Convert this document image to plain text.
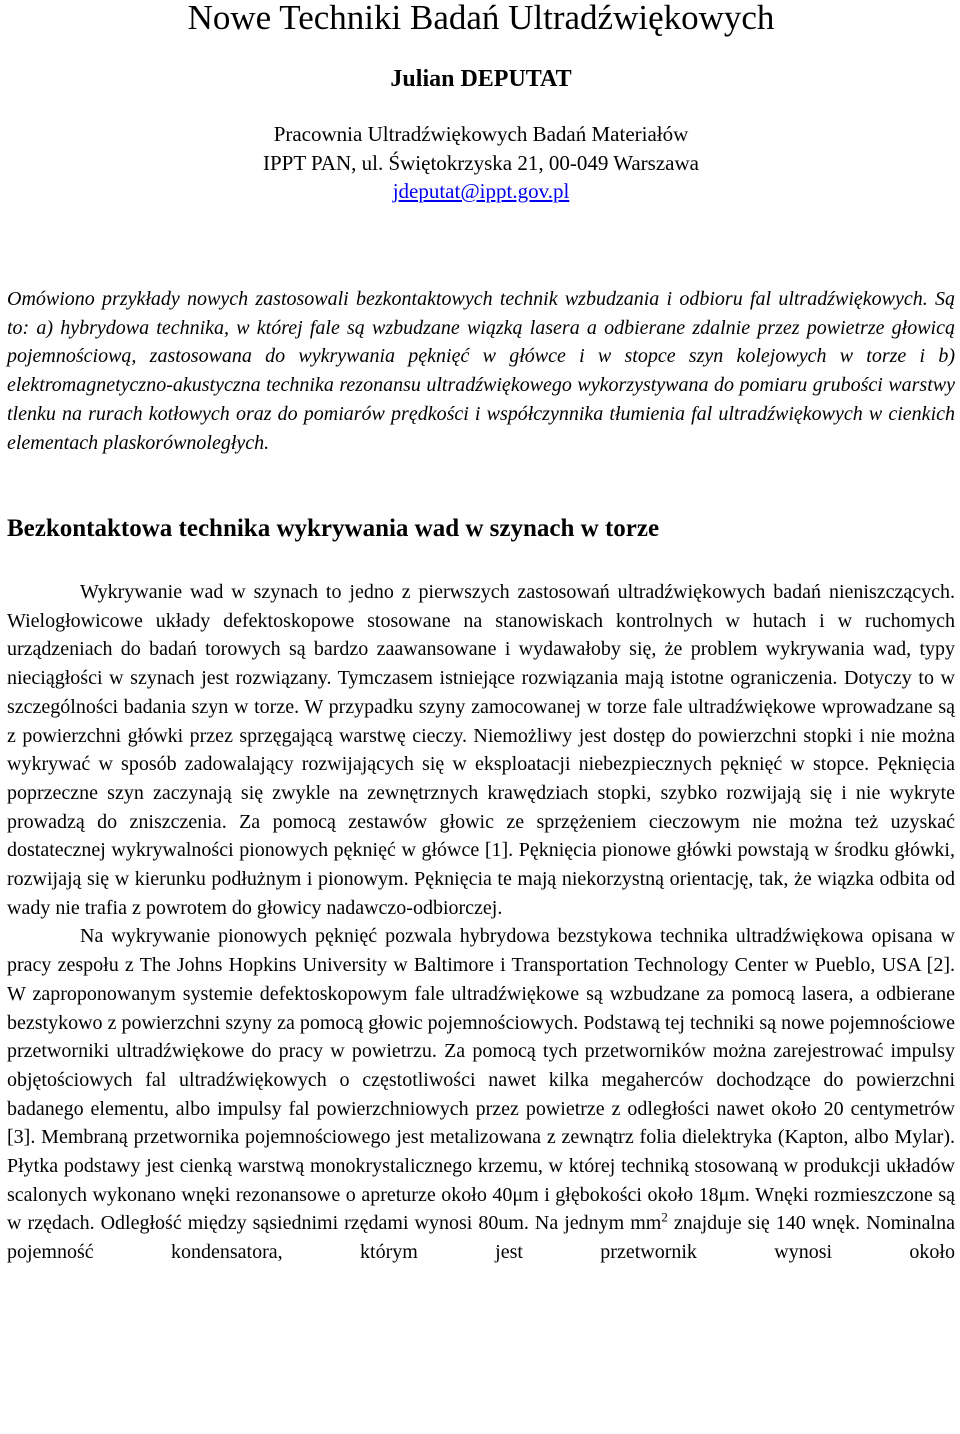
Nowe Techniki Badań Ultradźwiękowych
Julian DEPUTAT
Pracownia Ultradźwiękowych Badań Materiałów
IPPT PAN, ul. Świętokrzyska 21, 00-049 Warszawa
jdeputat@ippt.gov.pl

Omówiono przykłady nowych zastosowali bezkontaktowych technik wzbudzania i odbioru fal ultradźwiękowych. Są to: a) hybrydowa technika, w której fale są wzbudzane wiązką lasera a odbierane zdalnie przez powietrze głowicą pojemnościową, zastosowana do wykrywania pęknięć w główce i w stopce szyn kolejowych w torze i b) elektromagnetyczno-akustyczna technika rezonansu ultradźwiękowego wykorzystywana do pomiaru grubości warstwy tlenku na rurach kotłowych oraz do pomiarów prędkości i współczynnika tłumienia fal ultradźwiękowych w cienkich elementach plaskorównoległych.

Bezkontaktowa technika wykrywania wad w szynach w torze

Wykrywanie wad w szynach to jedno z pierwszych zastosowań ultradźwiękowych badań nieniszczących. Wielogłowicowe układy defektoskopowe stosowane na stanowiskach kontrolnych w hutach i w ruchomych urządzeniach do badań torowych są bardzo zaawansowane i wydawałoby się, że problem wykrywania wad, typy nieciągłości w szynach jest rozwiązany. Tymczasem istniejące rozwiązania mają istotne ograniczenia. Dotyczy to w szczególności badania szyn w torze. W przypadku szyny zamocowanej w torze fale ultradźwiękowe wprowadzane są z powierzchni główki przez sprzęgającą warstwę cieczy. Niemożliwy jest dostęp do powierzchni stopki i nie można wykrywać w sposób zadowalający rozwijających się w eksploatacji niebezpiecznych pęknięć w stopce. Pęknięcia poprzeczne szyn zaczynają się zwykle na zewnętrznych krawędziach stopki, szybko rozwijają się i nie wykryte prowadzą do zniszczenia. Za pomocą zestawów głowic ze sprzężeniem cieczowym nie można też uzyskać dostatecznej wykrywalności pionowych pęknięć w główce [1]. Pęknięcia pionowe główki powstają w środku główki, rozwijają się w kierunku podłużnym i pionowym. Pęknięcia te mają niekorzystną orientację, tak, że wiązka odbita od wady nie trafia z powrotem do głowicy nadawczo-odbiorczej.

Na wykrywanie pionowych pęknięć pozwala hybrydowa bezstykowa technika ultradźwiękowa opisana w pracy zespołu z The Johns Hopkins University w Baltimore i Transportation Technology Center w Pueblo, USA [2]. W zaproponowanym systemie defektoskopowym fale ultradźwiękowe są wzbudzane za pomocą lasera, a odbierane bezstykowo z powierzchni szyny za pomocą głowic pojemnościowych. Podstawą tej techniki są nowe pojemnościowe przetworniki ultradźwiękowe do pracy w powietrzu. Za pomocą tych przetworników można zarejestrować impulsy objętościowych fal ultradźwiękowych o częstotliwości nawet kilka megaherców dochodzące do powierzchni badanego elementu, albo impulsy fal powierzchniowych przez powietrze z odległości nawet około 20 centymetrów [3]. Membraną przetwornika pojemnościowego jest metalizowana z zewnątrz folia dielektryka (Kapton, albo Mylar). Płytka podstawy jest cienką warstwą monokrystalicznego krzemu, w której techniką stosowaną w produkcji układów scalonych wykonano wnęki rezonansowe o apreturze około 40μm i głębokości około 18μm. Wnęki rozmieszczone są w rzędach. Odległość między sąsiednimi rzędami wynosi 80um. Na jednym $mm^2$ znajduje się 140 wnęk. Nominalna pojemność kondensatora, którym jest przetwornik wynosi około
